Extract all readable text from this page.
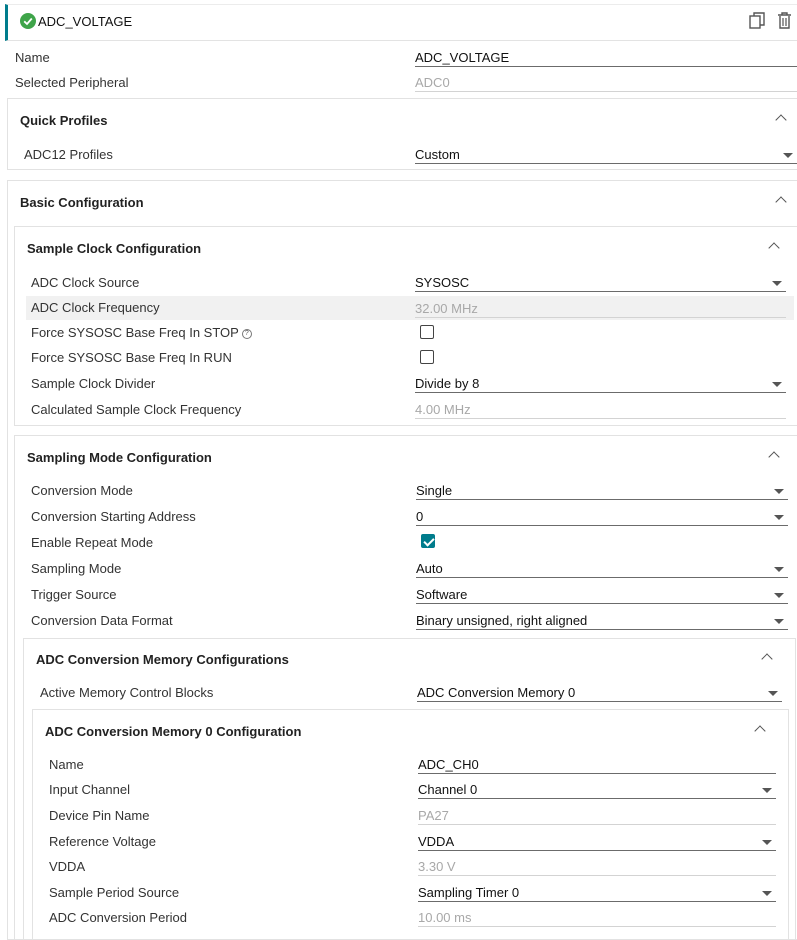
ADC_VOLTAGE
Name	ADC_VOLTAGE
Selected Peripheral	ADC0
Quick Profiles
ADC12 Profiles	Custom
Basic Configuration
Sample Clock Configuration
ADC Clock Source	SYSOSC
ADC Clock Frequency	32.00 MHz
Force SYSOSC Base Freq In STOP ?
Force SYSOSC Base Freq In RUN
Sample Clock Divider	Divide by 8
Calculated Sample Clock Frequency	4.00 MHz
Sampling Mode Configuration
Conversion Mode	Single
Conversion Starting Address	0
Enable Repeat Mode
Sampling Mode	Auto
Trigger Source	Software
Conversion Data Format	Binary unsigned, right aligned
ADC Conversion Memory Configurations
Active Memory Control Blocks	ADC Conversion Memory 0
ADC Conversion Memory 0 Configuration
Name	ADC_CH0
Input Channel	Channel 0
Device Pin Name	PA27
Reference Voltage	VDDA
VDDA	3.30 V
Sample Period Source	Sampling Timer 0
ADC Conversion Period	10.00 ms
